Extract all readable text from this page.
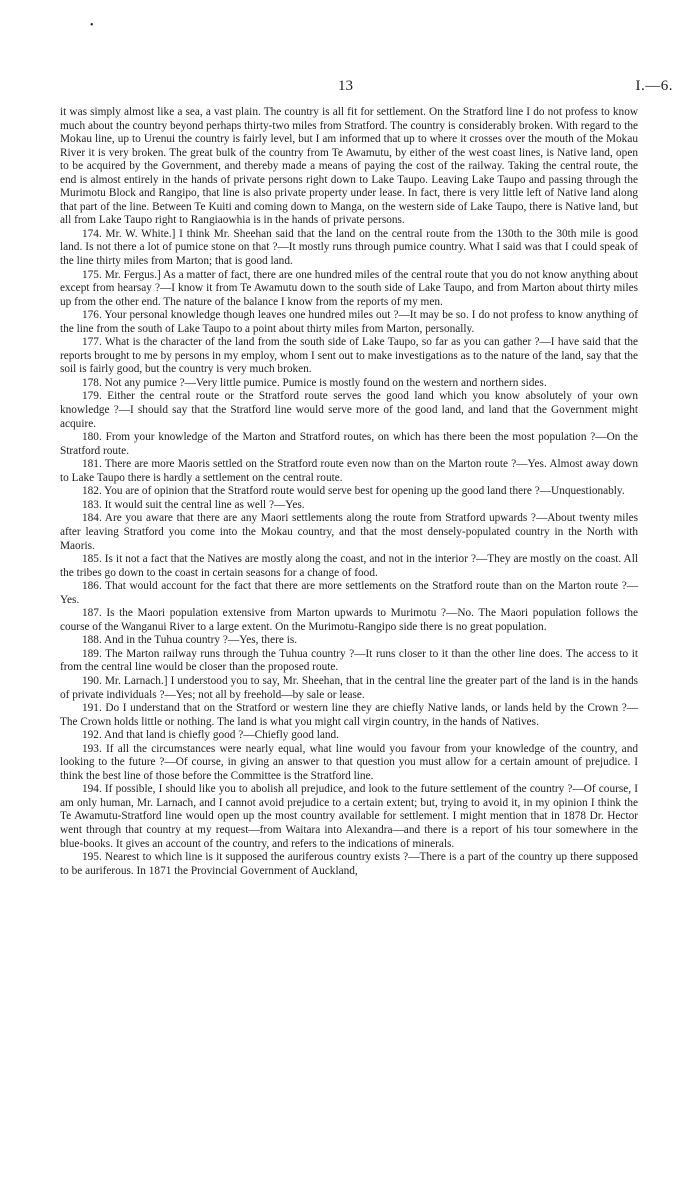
•
13	I.—6.

it was simply almost like a sea, a vast plain. The country is all fit for settlement. On the Stratford line I do not profess to know much about the country beyond perhaps thirty-two miles from Stratford. The country is considerably broken. With regard to the Mokau line, up to Urenui the country is fairly level, but I am informed that up to where it crosses over the mouth of the Mokau River it is very broken. The great bulk of the country from Te Awamutu, by either of the west coast lines, is Native land, open to be acquired by the Government, and thereby made a means of paying the cost of the railway. Taking the central route, the end is almost entirely in the hands of private persons right down to Lake Taupo. Leaving Lake Taupo and passing through the Murimotu Block and Rangipo, that line is also private property under lease. In fact, there is very little left of Native land along that part of the line. Between Te Kuiti and coming down to Manga, on the western side of Lake Taupo, there is Native land, but all from Lake Taupo right to Rangiaowhia is in the hands of private persons.

174. Mr. W. White.] I think Mr. Sheehan said that the land on the central route from the 130th to the 30th mile is good land. Is not there a lot of pumice stone on that ?—It mostly runs through pumice country. What I said was that I could speak of the line thirty miles from Marton; that is good land.

175. Mr. Fergus.] As a matter of fact, there are one hundred miles of the central route that you do not know anything about except from hearsay ?—I know it from Te Awamutu down to the south side of Lake Taupo, and from Marton about thirty miles up from the other end. The nature of the balance I know from the reports of my men.

176. Your personal knowledge though leaves one hundred miles out ?—It may be so. I do not profess to know anything of the line from the south of Lake Taupo to a point about thirty miles from Marton, personally.

177. What is the character of the land from the south side of Lake Taupo, so far as you can gather ?—I have said that the reports brought to me by persons in my employ, whom I sent out to make investigations as to the nature of the land, say that the soil is fairly good, but the country is very much broken.

178. Not any pumice ?—Very little pumice. Pumice is mostly found on the western and northern sides.

179. Either the central route or the Stratford route serves the good land which you know absolutely of your own knowledge ?—I should say that the Stratford line would serve more of the good land, and land that the Government might acquire.

180. From your knowledge of the Marton and Stratford routes, on which has there been the most population ?—On the Stratford route.

181. There are more Maoris settled on the Stratford route even now than on the Marton route ?—Yes. Almost away down to Lake Taupo there is hardly a settlement on the central route.

182. You are of opinion that the Stratford route would serve best for opening up the good land there ?—Unquestionably.

183. It would suit the central line as well ?—Yes.

184. Are you aware that there are any Maori settlements along the route from Stratford upwards ?—About twenty miles after leaving Stratford you come into the Mokau country, and that the most densely-populated country in the North with Maoris.

185. Is it not a fact that the Natives are mostly along the coast, and not in the interior ?—They are mostly on the coast. All the tribes go down to the coast in certain seasons for a change of food.

186. That would account for the fact that there are more settlements on the Stratford route than on the Marton route ?—Yes.

187. Is the Maori population extensive from Marton upwards to Murimotu ?—No. The Maori population follows the course of the Wanganui River to a large extent. On the Murimotu-Rangipo side there is no great population.

188. And in the Tuhua country ?—Yes, there is.

189. The Marton railway runs through the Tuhua country ?—It runs closer to it than the other line does. The access to it from the central line would be closer than the proposed route.

190. Mr. Larnach.] I understood you to say, Mr. Sheehan, that in the central line the greater part of the land is in the hands of private individuals ?—Yes; not all by freehold—by sale or lease.

191. Do I understand that on the Stratford or western line they are chiefly Native lands, or lands held by the Crown ?—The Crown holds little or nothing. The land is what you might call virgin country, in the hands of Natives.

192. And that land is chiefly good ?—Chiefly good land.

193. If all the circumstances were nearly equal, what line would you favour from your knowledge of the country, and looking to the future ?—Of course, in giving an answer to that question you must allow for a certain amount of prejudice. I think the best line of those before the Committee is the Stratford line.

194. If possible, I should like you to abolish all prejudice, and look to the future settlement of the country ?—Of course, I am only human, Mr. Larnach, and I cannot avoid prejudice to a certain extent; but, trying to avoid it, in my opinion I think the Te Awamutu-Stratford line would open up the most country available for settlement. I might mention that in 1878 Dr. Hector went through that country at my request—from Waitara into Alexandra—and there is a report of his tour somewhere in the blue-books. It gives an account of the country, and refers to the indications of minerals.

195. Nearest to which line is it supposed the auriferous country exists ?—There is a part of the country up there supposed to be auriferous. In 1871 the Provincial Government of Auckland,
